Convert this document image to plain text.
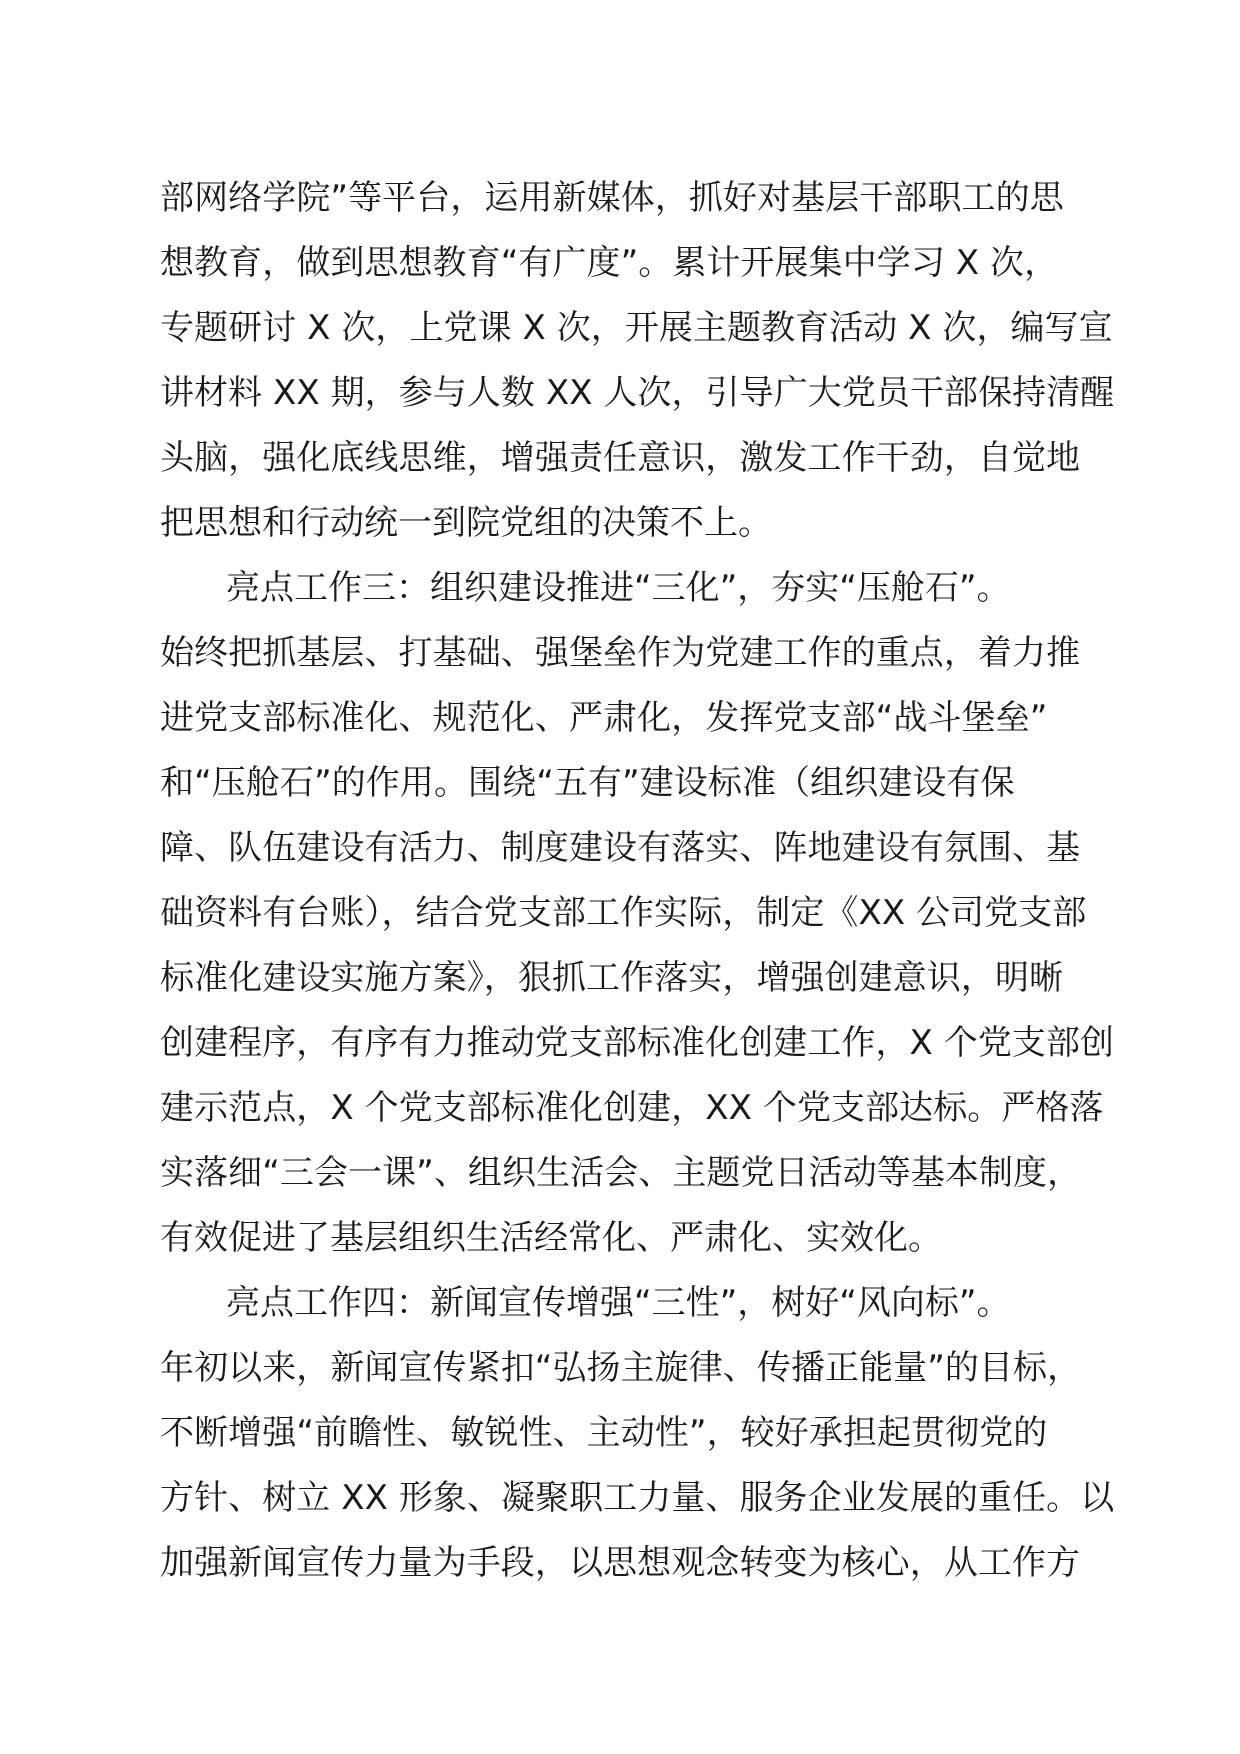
部网络学院”等平台，运用新媒体，抓好对基层干部职工的思
想教育，做到思想教育“有广度”。累计开展集中学习 X 次，
专题研讨 X 次，上党课 X 次，开展主题教育活动 X 次，编写宣
讲材料 XX 期，参与人数 XX 人次，引导广大党员干部保持清醒
头脑，强化底线思维，增强责任意识，激发工作干劲，自觉地
把思想和行动统一到院党组的决策不上。
亮点工作三：组织建设推进“三化”，夯实“压舱石”。
始终把抓基层、打基础、强堡垒作为党建工作的重点，着力推
进党支部标准化、规范化、严肃化，发挥党支部“战斗堡垒”
和“压舱石”的作用。围绕“五有”建设标准（组织建设有保
障、队伍建设有活力、制度建设有落实、阵地建设有氛围、基
础资料有台账），结合党支部工作实际，制定《XX 公司党支部
标准化建设实施方案》，狠抓工作落实，增强创建意识，明晰
创建程序，有序有力推动党支部标准化创建工作，X 个党支部创
建示范点，X 个党支部标准化创建，XX 个党支部达标。严格落
实落细“三会一课”、组织生活会、主题党日活动等基本制度，
有效促进了基层组织生活经常化、严肃化、实效化。
亮点工作四：新闻宣传增强“三性”，树好“风向标”。
年初以来，新闻宣传紧扣“弘扬主旋律、传播正能量”的目标，
不断增强“前瞻性、敏锐性、主动性”，较好承担起贯彻党的
方针、树立 XX 形象、凝聚职工力量、服务企业发展的重任。以
加强新闻宣传力量为手段，以思想观念转变为核心，从工作方
